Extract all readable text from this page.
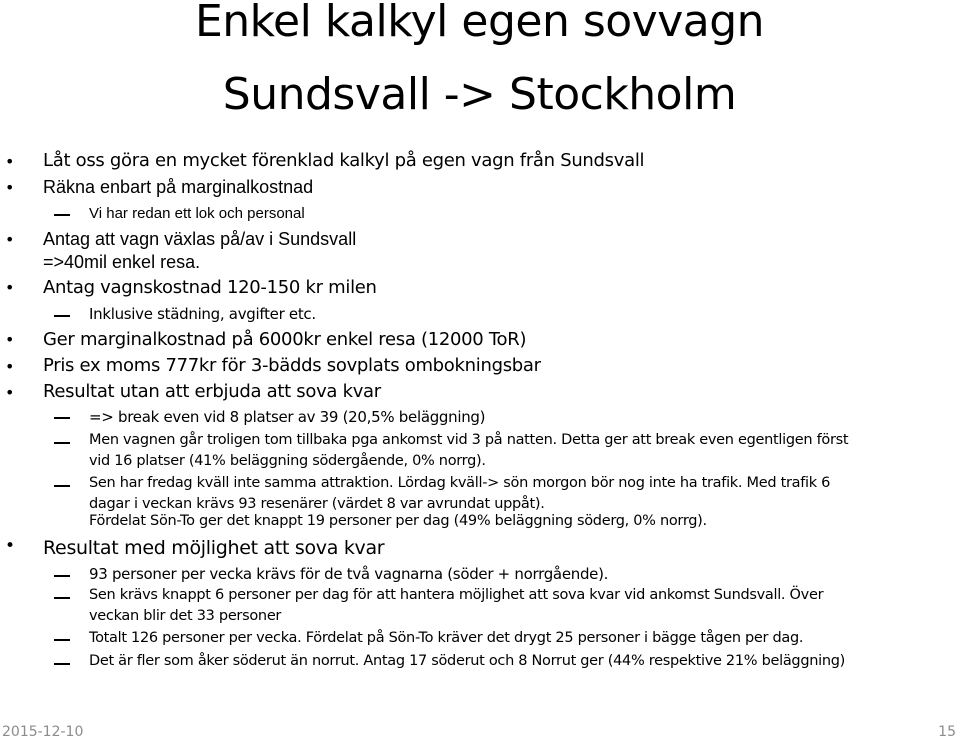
Enkel kalkyl egen sovvagn
Sundsvall -> Stockholm
•
•
•
•
•
•
•
•
Låt oss göra en mycket förenklad kalkyl på egen vagn från Sundsvall
Räkna enbart på marginalkostnad
Vi har redan ett lok och personal
Antag att vagn växlas på/av i Sundsvall
=>40mil enkel resa.
Antag vagnskostnad 120-150 kr milen
Inklusive städning, avgifter etc.
Ger marginalkostnad på 6000kr enkel resa (12000 ToR)
Pris ex moms 777kr för 3-bädds sovplats ombokningsbar
Resultat utan att erbjuda att sova kvar
=> break even vid 8 platser av 39 (20,5% beläggning)
Men vagnen går troligen tom tillbaka pga ankomst vid 3 på natten. Detta ger att break even egentligen först
vid 16 platser (41% beläggning södergående, 0% norrg).
Sen har fredag kväll inte samma attraktion. Lördag kväll-> sön morgon bör nog inte ha trafik. Med trafik 6
dagar i veckan krävs 93 resenärer (värdet 8 var avrundat uppåt).
Fördelat Sön-To ger det knappt 19 personer per dag (49% beläggning söderg, 0% norrg).
Resultat med möjlighet att sova kvar
93 personer per vecka krävs för de två vagnarna (söder + norrgående).
Sen krävs knappt 6 personer per dag för att hantera möjlighet att sova kvar vid ankomst Sundsvall. Över
veckan blir det 33 personer
Totalt 126 personer per vecka. Fördelat på Sön-To kräver det drygt 25 personer i bägge tågen per dag.
Det är fler som åker söderut än norrut. Antag 17 söderut och 8 Norrut ger (44% respektive 21% beläggning)
2015-12-10	15
